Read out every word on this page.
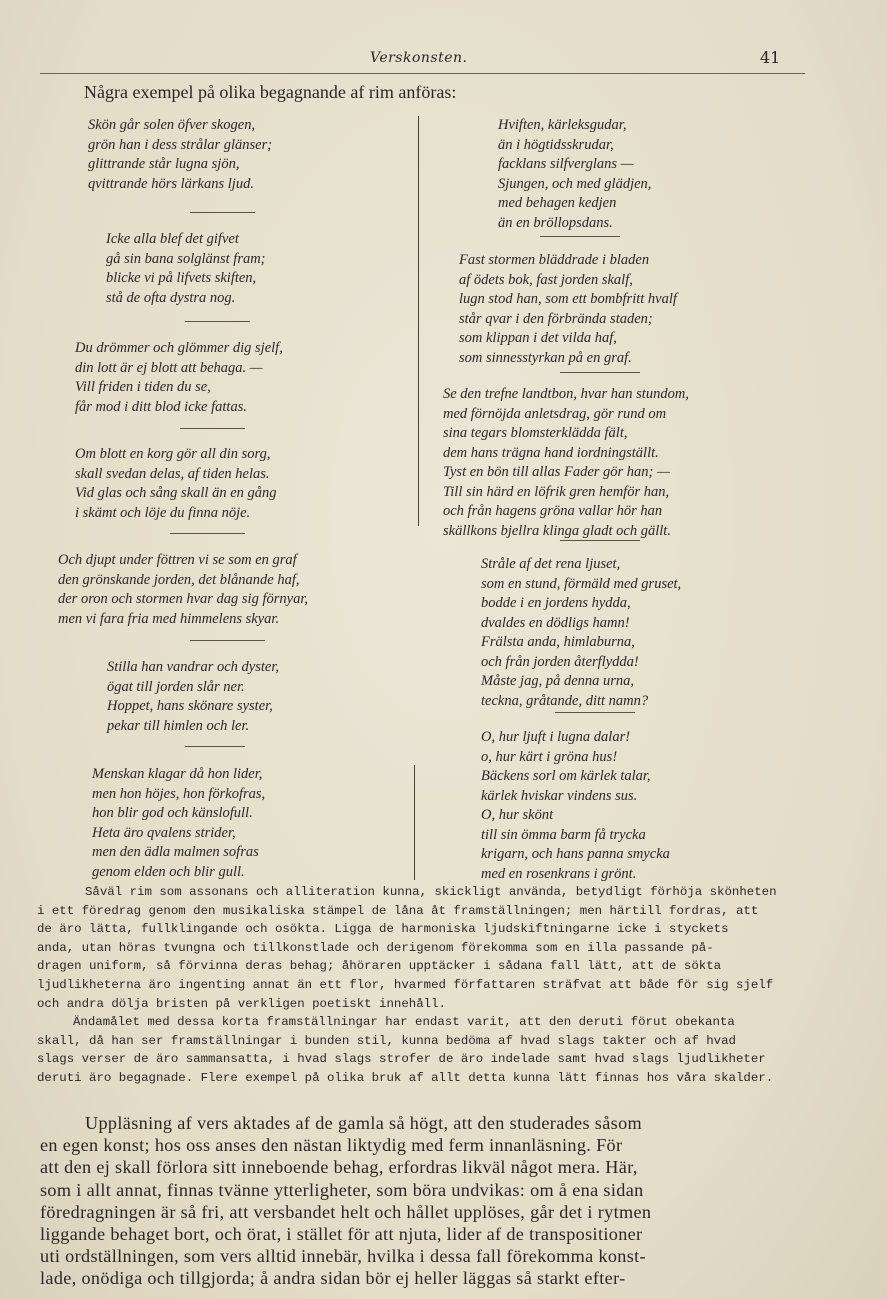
Verskonsten.	41
Några exempel på olika begagnande af rim anföras:
Skön går solen öfver skogen,
grön han i dess strålar glänser;
glittrande står lugna sjön,
qvittrande hörs lärkans ljud.
Icke alla blef det gifvet
gå sin bana solglänst fram;
blicke vi på lifvets skiften,
stå de ofta dystra nog.
Du drömmer och glömmer dig sjelf,
din lott är ej blott att behaga. —
Vill friden i tiden du se,
får mod i ditt blod icke fattas.
Om blott en korg gör all din sorg,
skall svedan delas, af tiden helas.
Vid glas och sång skall än en gång
i skämt och löje du finna nöje.
Och djupt under föttren vi se som en graf
den grönskande jorden, det blånande haf,
der oron och stormen hvar dag sig förnyar,
men vi fara fria med himmelens skyar.
Stilla han vandrar och dyster,
ögat till jorden slår ner.
Hoppet, hans skönare syster,
pekar till himlen och ler.
Menskan klagar då hon lider,
men hon höjes, hon förkofras,
hon blir god och känslofull.
Heta äro qvalens strider,
men den ädla malmen sofras
genom elden och blir gull.
Hviften, kärleksgudar,
än i högtidsskrudar,
facklans silfverglans —
Sjungen, och med glädjen,
med behagen kedjen
än en bröllopsdans.
Fast stormen bläddrade i bladen
af ödets bok, fast jorden skalf,
lugn stod han, som ett bombfritt hvalf
står qvar i den förbrända staden;
som klippan i det vilda haf,
som sinnesstyrkan på en graf.
Se den trefne landtbon, hvar han stundom,
med förnöjda anletsdrag, gör rund om
sina tegars blomsterklädda fält,
dem hans trägna hand iordningställt.
Tyst en bön till allas Fader gör han; —
Till sin härd en löfrik gren hemför han,
och från hagens gröna vallar hör han
skällkons bjellra klinga gladt och gällt.
Stråle af det rena ljuset,
som en stund, förmäld med gruset,
bodde i en jordens hydda,
dvaldes en dödligs hamn!
Frälsta anda, himlaburna,
och från jorden återflydda!
Måste jag, på denna urna,
teckna, gråtande, ditt namn?
O, hur ljuft i lugna dalar!
o, hur kärt i gröna hus!
Bäckens sorl om kärlek talar,
kärlek hviskar vindens sus.
O, hur skönt
till sin ömma barm få trycka
krigarn, och hans panna smycka
med en rosenkrans i grönt.
Såväl rim som assonans och alliteration kunna, skickligt använda, betydligt förhöja skönheten
i ett föredrag genom den musikaliska stämpel de låna åt framställningen; men härtill fordras, att
de äro lätta, fullklingande och osökta. Ligga de harmoniska ljudskiftningarne icke i styckets
anda, utan höras tvungna och tillkonstlade och derigenom förekomma som en illa passande på-
dragen uniform, så förvinna deras behag; åhöraren upptäcker i sådana fall lätt, att de sökta
ljudlikheterna äro ingenting annat än ett flor, hvarmed författaren sträfvat att både för sig sjelf
och andra dölja bristen på verkligen poetiskt innehåll.
Ändamålet med dessa korta framställningar har endast varit, att den deruti förut obekanta
skall, då han ser framställningar i bunden stil, kunna bedöma af hvad slags takter och af hvad
slags verser de äro sammansatta, i hvad slags strofer de äro indelade samt hvad slags ljudlikheter
deruti äro begagnade. Flere exempel på olika bruk af allt detta kunna lätt finnas hos våra skalder.
Uppläsning af vers aktades af de gamla så högt, att den studerades såsom
en egen konst; hos oss anses den nästan liktydig med ferm innanläsning. För
att den ej skall förlora sitt inneboende behag, erfordras likväl något mera. Här,
som i allt annat, finnas tvänne ytterligheter, som böra undvikas: om å ena sidan
föredragningen är så fri, att versbandet helt och hållet upplöses, går det i rytmen
liggande behaget bort, och örat, i stället för att njuta, lider af de transpositioner
uti ordställningen, som vers alltid innebär, hvilka i dessa fall förekomma konst-
lade, onödiga och tillgjorda; å andra sidan bör ej heller läggas så starkt efter-
